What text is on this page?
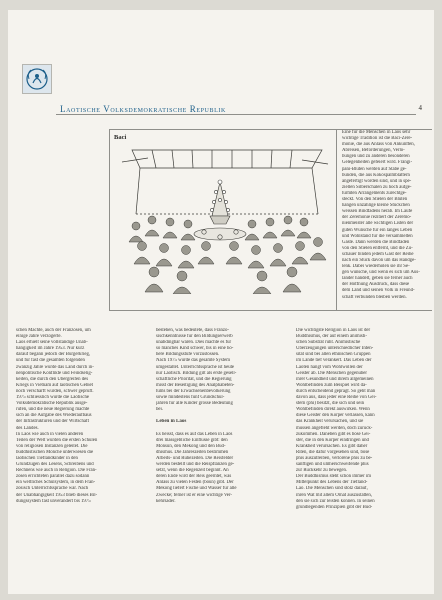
Laotische Volksdemokratische Republik	4
Baci

Eine für die Menschen in Laos sehr
wichtige Tradition ist die Baci-Zere-
monie, die aus Anlass von Ankünften,
Abreisen, Beförderungen, Verlo-
bungen und zu anderen besonderen
Gelegenheiten gefeiert wird. Frangi-
pani-Blüten werden auf Stäbe ge-
bunden, die aus Kokospalmblättern
angefertigt worden sind, und in spe-
ziellen Silberschalen zu hoch aufge-
türmten Arrangements zurechtge-
steckt. Von den Stielen der Blüten
hängen unzählige kleine Stückchen
weissen Bindfadens herab. Im Laufe
der Zeremonie rezitiert der Zeremo-
nienmeister alle wichtigen Listen der
guten Wünsche für ein langes Leben
und Wohlstand für die versammelten
Gäste. Dann werden die Bindfäden
von den Stielen entfernt, und die Zu-
schauer binden jedem Gast der Reihe
nach ein Stück davon um das Handge-
lenk. Dabei wiederholen sie ihr Se-
gen wünsche, und wenn es sich um Aus-
länder handelt, geben sie ferner auch
der Hoffnung Ausdruck, dass diese
dem Land und seinen Volk in Freund-
schaft verbunden bleiben werden.

schen Mächte, auch der Franzosen, um
einige Jahre verzögerte.
Laos erhielt seine vollständige Unab-
hängigkeit im Jahre 1953. Nur kurz
darauf begann jedoch der Bürgerkrieg,
und für fast die gesamten folgenden
zwanzig Jahre wurde das Land durch in-
nenpolitische Konflikte und Feindselig-
keiten, die durch den Übergreifen des
Kriegs in Vietnam auf laotischen Gebiet
noch verschärft wurden, schwer geprüft.
1975 schliesslich wurde die Laotische
Volksdemokratische Republik ausge-
rufen, und die neue Regierung machte
sich an die Aufgabe des Wiederaufbaus
der Infrastrukturen und der Wirtschaft
des Landes.
In Laos wie auch in vielen anderen
Teilen der Welt wurden die ersten Schulen
von religiösen Instanzen geleitet. Die
buddhistischen Mönche unterwiesen die
laotischen Tieflandkinder in den
Grundzügen des Lesens, Schreibens und
Rechnens wie auch in Religion. Die Fran-
zosen errichteten parallel dazu sodann
ein weltliches Schulsystem, in dem Fran-
zösisch Unterrichtssprache war. Nach
der Unabhängigkeit 1953 blieb dieses Bil-
dungssystem fast unverändert bis 1975

bestehen, was bedeutete, dass Franzö-
sischkenntnisse für den Bildungserwerb
unabdingbar waren. Dies machte es für
so manches Kind schwer, bis in eine hö-
here Bildungsstufe vorzustossen.
Nach 1975 wurde das gesamte System
umgestaltet. Unterrichtssprache ist heute
nur Laotisch. Bildung gilt als erste gesell-
schaftliche Priorität, und die Regierung
misst der Beseitigung des Analphabeten-
tums bei der Erwachsenenbevölkerung
sowie mindestens fünf Grundschul-
jahren für alle Kinder grosse Bedeutung
bei.
Leben in Laos
Es heisst, dass es auf das Leben in Laos
drei massgebliche Einflüsse gibt: den
Monsun, den Mekong und den Bud-
dhismus. Die Jahreszeiten bestimmen
Arbeits- und Ruhezeiten. Die Reisfelder
werden bestellt und die Reispflanzen ge-
setzt, wenn die Regenzeit beginnt. An
deren Ende wird der Reis geerntet, was
Anlass zu vielen Festen (boun) gibt. Der
Mekong liefert Fische und Wasser für alle
Zwecke; ferner ist er eine wichtige Ver-
kehrsader.

Die wichtigste Religion in Laos ist der
Buddhismus, der auf einem animisti-
schen Substrat ruht. Animistische
Überzeugungen unterschiedlicher Inten-
sität sind bei allen ethnischen Gruppen
im Lande tief verankert. Das Leben der
Laoten hängt vom Wohlwollen der
Geister ab. Die Menschen gegenüber
ihrer Gesundheit und ihrem allgemeinen
Wohlbefinden zum Beispiel wird da-
durch entscheidend geprägt. So geht man
davon aus, dass jeder eine Reihe von Gei-
stern (phi) besitzt, die sich und sein
Wohlbefinden direkt auswirken. Wenn
diese Geister den Körper verlassen, kann
das Krankheit verursachen, und sie
müssen angefleht werden, doch zurück-
zukommen. Daneben gibt es böse Gei-
ster, die in den Körper eindringen und
Krankheit verursachen. Es gibt daher
Riten, die dafür vorgesehen sind, böse
phis auszutreiben, verlorene phis zu be-
sänftigen und umherschweifende phis
zur Rückkehr zu bewegen.
Der Buddhismus steht schon immer im
Mittelpunkt des Lebens der Tiefland-
Lao. Die Menschen sind stolz darauf,
ihren Wat mit allem Ornat auszustatten,
den sie sich zur leisten können. In seinen
grundlegenden Prinzipien gibt der Bud-
